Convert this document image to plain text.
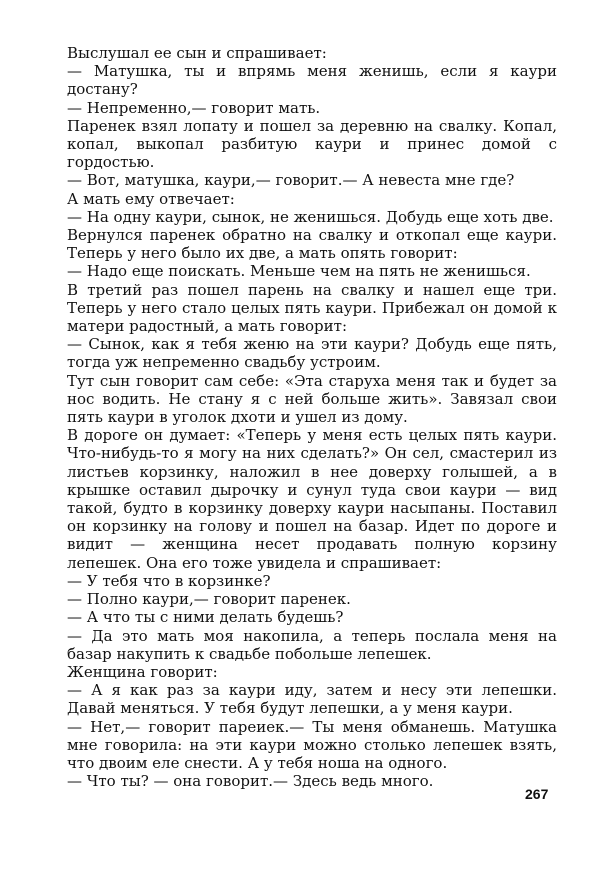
Выслушал ее сын и спрашивает:

— Матушка, ты и впрямь меня женишь, если я каури достану?

— Непременно,— говорит мать.

Паренек взял лопату и пошел за деревню на свалку. Копал, копал, выкопал разбитую каури и принес домой с гордостью.

— Вот, матушка, каури,— говорит.— А невеста мне где?

А мать ему отвечает:

— На одну каури, сынок, не женишься. Добудь еще хоть две.

Вернулся паренек обратно на свалку и откопал еще каури. Теперь у него было их две, а мать опять говорит:

— Надо еще поискать. Меньше чем на пять не женишься.

В третий раз пошел парень на свалку и нашел еще три. Теперь у него стало целых пять каури. Прибежал он домой к матери радостный, а мать говорит:

— Сынок, как я тебя женю на эти каури? Добудь еще пять, тогда уж непременно свадьбу устроим.

Тут сын говорит сам себе: «Эта старуха меня так и будет за нос водить. Не стану я с ней больше жить». Завязал свои пять каури в уголок дхоти и ушел из дому.

В дороге он думает: «Теперь у меня есть целых пять каури. Что-нибудь-то я могу на них сделать?» Он сел, смастерил из листьев корзинку, наложил в нее доверху голышей, а в крышке оставил дырочку и сунул туда свои каури — вид такой, будто в корзинку доверху каури насыпаны. Поставил он корзинку на голову и пошел на базар. Идет по дороге и видит — женщина несет продавать полную корзину лепешек. Она его тоже увидела и спрашивает:

— У тебя что в корзинке?

— Полно каури,— говорит паренек.

— А что ты с ними делать будешь?

— Да это мать моя накопила, а теперь послала меня на базар накупить к свадьбе побольше лепешек.

Женщина говорит:

— А я как раз за каури иду, затем и несу эти лепешки. Давай меняться. У тебя будут лепешки, а у меня каури.

— Нет,— говорит пареиек.— Ты меня обманешь. Матушка мне говорила: на эти каури можно столько лепешек взять, что двоим еле снести. А у тебя ноша на одного.

— Что ты? — она говорит.— Здесь ведь много.

267
